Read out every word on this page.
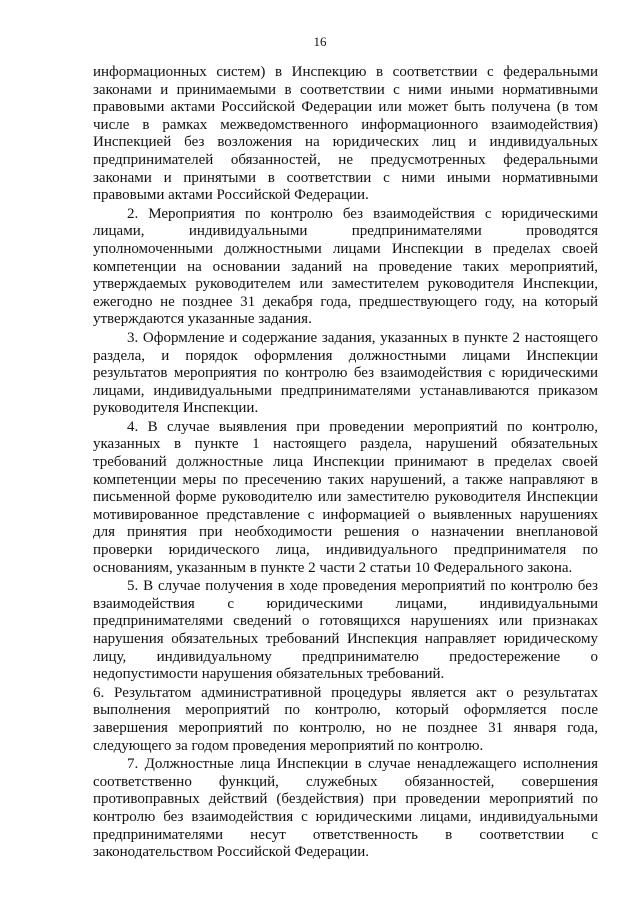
16

информационных систем) в Инспекцию в соответствии с федеральными законами и принимаемыми в соответствии с ними иными нормативными правовыми актами Российской Федерации или может быть получена (в том числе в рамках межведомственного информационного взаимодействия) Инспекцией без возложения на юридических лиц и индивидуальных предпринимателей обязанностей, не предусмотренных федеральными законами и принятыми в соответствии с ними иными нормативными правовыми актами Российской Федерации.

2. Мероприятия по контролю без взаимодействия с юридическими лицами, индивидуальными предпринимателями проводятся уполномоченными должностными лицами Инспекции в пределах своей компетенции на основании заданий на проведение таких мероприятий, утверждаемых руководителем или заместителем руководителя Инспекции, ежегодно не позднее 31 декабря года, предшествующего году, на который утверждаются указанные задания.

3. Оформление и содержание задания, указанных в пункте 2 настоящего раздела, и порядок оформления должностными лицами Инспекции результатов мероприятия по контролю без взаимодействия с юридическими лицами, индивидуальными предпринимателями устанавливаются приказом руководителя Инспекции.

4. В случае выявления при проведении мероприятий по контролю, указанных в пункте 1 настоящего раздела, нарушений обязательных требований должностные лица Инспекции принимают в пределах своей компетенции меры по пресечению таких нарушений, а также направляют в письменной форме руководителю или заместителю руководителя Инспекции мотивированное представление с информацией о выявленных нарушениях для принятия при необходимости решения о назначении внеплановой проверки юридического лица, индивидуального предпринимателя по основаниям, указанным в пункте 2 части 2 статьи 10 Федерального закона.

5. В случае получения в ходе проведения мероприятий по контролю без взаимодействия с юридическими лицами, индивидуальными предпринимателями сведений о готовящихся нарушениях или признаках нарушения обязательных требований Инспекция направляет юридическому лицу, индивидуальному предпринимателю предостережение о недопустимости нарушения обязательных требований.

6. Результатом административной процедуры является акт о результатах выполнения мероприятий по контролю, который оформляется после завершения мероприятий по контролю, но не позднее 31 января года, следующего за годом проведения мероприятий по контролю.

7. Должностные лица Инспекции в случае ненадлежащего исполнения соответственно функций, служебных обязанностей, совершения противоправных действий (бездействия) при проведении мероприятий по контролю без взаимодействия с юридическими лицами, индивидуальными предпринимателями несут ответственность в соответствии с законодательством Российской Федерации.
